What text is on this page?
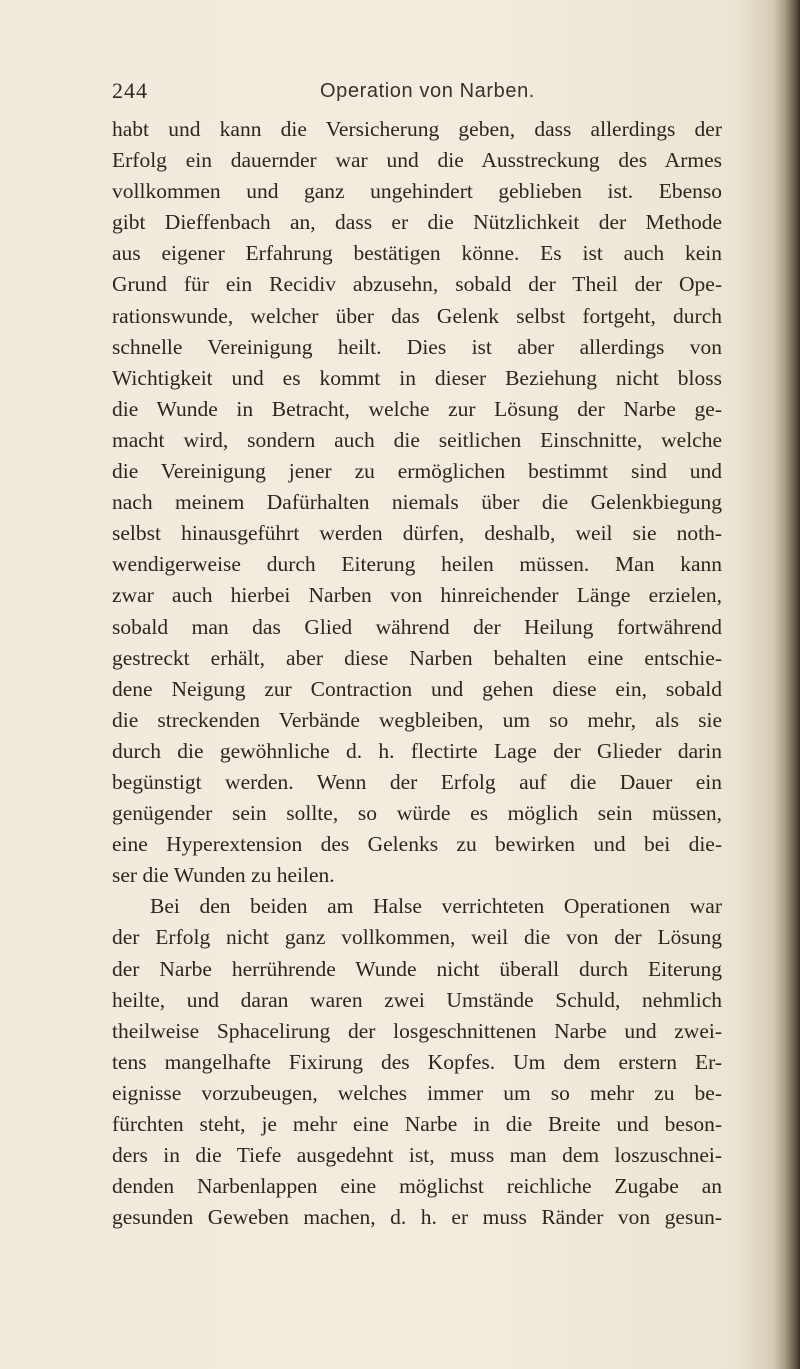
244	Operation von Narben.
habt und kann die Versicherung geben, dass allerdings der
Erfolg ein dauernder war und die Ausstreckung des Armes
vollkommen und ganz ungehindert geblieben ist. Ebenso
gibt Dieffenbach an, dass er die Nützlichkeit der Methode
aus eigener Erfahrung bestätigen könne. Es ist auch kein
Grund für ein Recidiv abzusehn, sobald der Theil der Ope-
rationswunde, welcher über das Gelenk selbst fortgeht, durch
schnelle Vereinigung heilt. Dies ist aber allerdings von
Wichtigkeit und es kommt in dieser Beziehung nicht bloss
die Wunde in Betracht, welche zur Lösung der Narbe ge-
macht wird, sondern auch die seitlichen Einschnitte, welche
die Vereinigung jener zu ermöglichen bestimmt sind und
nach meinem Dafürhalten niemals über die Gelenkbiegung
selbst hinausgeführt werden dürfen, deshalb, weil sie noth-
wendigerweise durch Eiterung heilen müssen. Man kann
zwar auch hierbei Narben von hinreichender Länge erzielen,
sobald man das Glied während der Heilung fortwährend
gestreckt erhält, aber diese Narben behalten eine entschie-
dene Neigung zur Contraction und gehen diese ein, sobald
die streckenden Verbände wegbleiben, um so mehr, als sie
durch die gewöhnliche d. h. flectirte Lage der Glieder darin
begünstigt werden. Wenn der Erfolg auf die Dauer ein
genügender sein sollte, so würde es möglich sein müssen,
eine Hyperextension des Gelenks zu bewirken und bei die-
ser die Wunden zu heilen.
Bei den beiden am Halse verrichteten Operationen war
der Erfolg nicht ganz vollkommen, weil die von der Lösung
der Narbe herrührende Wunde nicht überall durch Eiterung
heilte, und daran waren zwei Umstände Schuld, nehmlich
theilweise Sphacelirung der losgeschnittenen Narbe und zwei-
tens mangelhafte Fixirung des Kopfes. Um dem erstern Er-
eignisse vorzubeugen, welches immer um so mehr zu be-
fürchten steht, je mehr eine Narbe in die Breite und beson-
ders in die Tiefe ausgedehnt ist, muss man dem loszuschnei-
denden Narbenlappen eine möglichst reichliche Zugabe an
gesunden Geweben machen, d. h. er muss Ränder von gesun-
